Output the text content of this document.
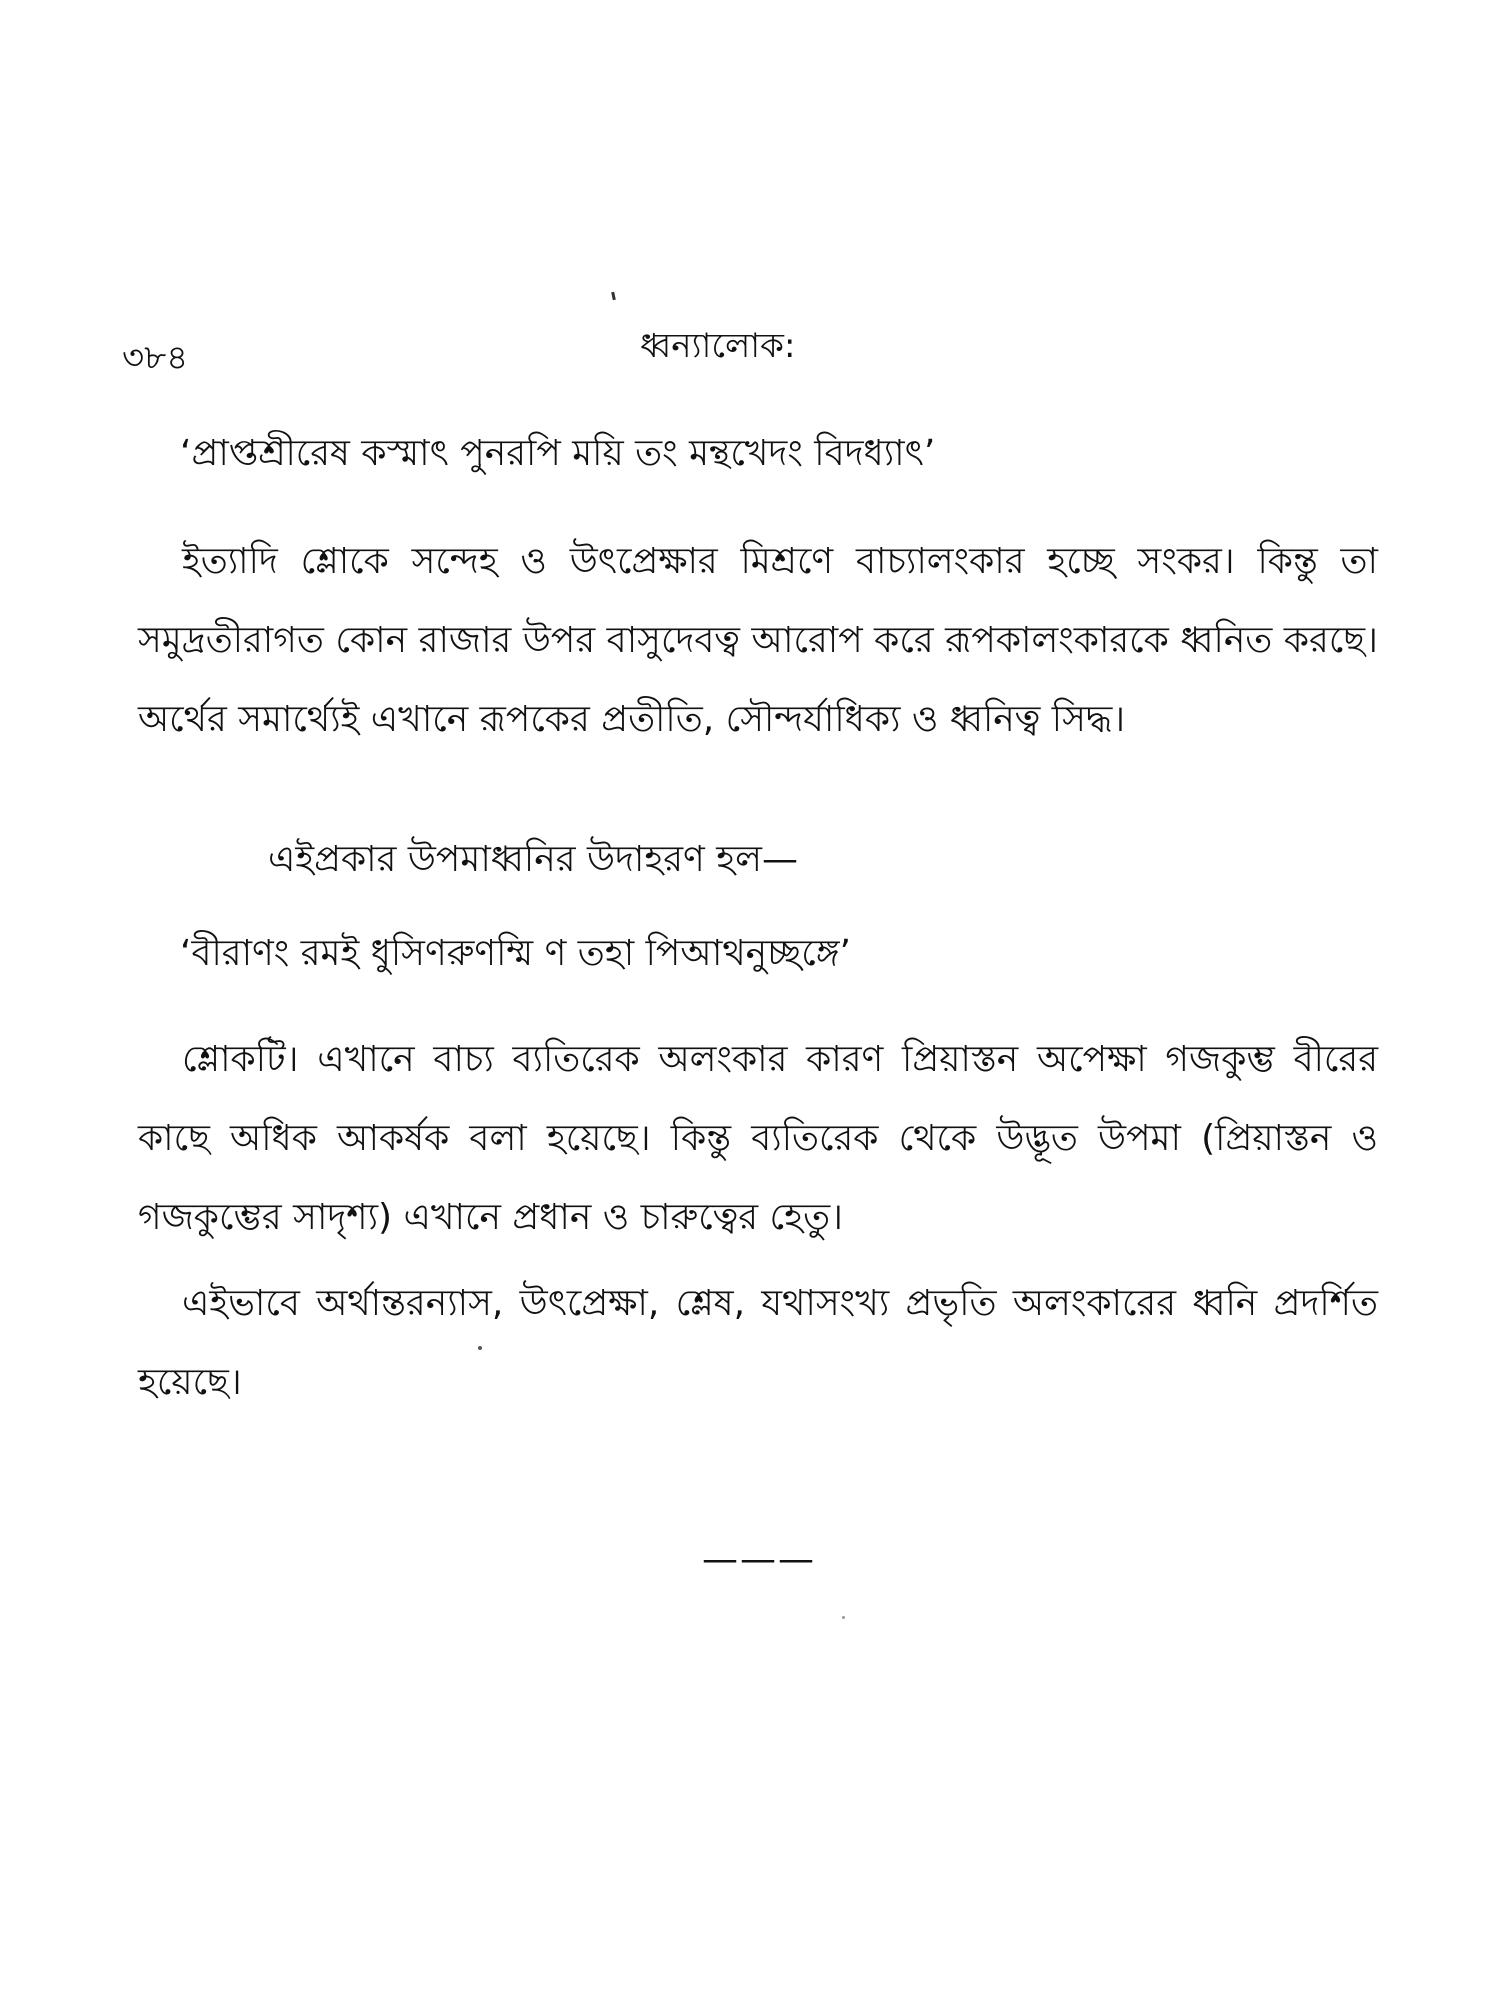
৩৮৪	ধ্বন্যালোক:
‘প্রাপ্তশ্রীরেষ কস্মাৎ পুনরপি ময়ি তং মন্থখেদং বিদধ্যাৎ’

ইত্যাদি শ্লোকে সন্দেহ ও উৎপ্রেক্ষার মিশ্রণে বাচ্যালংকার হচ্ছে সংকর। কিন্তু তা সমুদ্রতীরাগত কোন রাজার উপর বাসুদেবত্ব আরোপ করে রূপকালংকারকে ধ্বনিত করছে। অর্থের সমার্থ্যেই এখানে রূপকের প্রতীতি, সৌন্দর্যাধিক্য ও ধ্বনিত্ব সিদ্ধ।

এইপ্রকার উপমাধ্বনির উদাহরণ হল—
‘বীরাণং রমই ধুসিণরুণম্মি ণ তহা পিআথনুচ্ছঙ্গে’

শ্লোকটি। এখানে বাচ্য ব্যতিরেক অলংকার কারণ প্রিয়াস্তন অপেক্ষা গজকুম্ভ বীরের কাছে অধিক আকর্ষক বলা হয়েছে। কিন্তু ব্যতিরেক থেকে উদ্ভূত উপমা (প্রিয়াস্তন ও গজকুম্ভের সাদৃশ্য) এখানে প্রধান ও চারুত্বের হেতু।

এইভাবে অর্থান্তরন্যাস, উৎপ্রেক্ষা, শ্লেষ, যথাসংখ্য প্রভৃতি অলংকারের ধ্বনি প্রদর্শিত হয়েছে।

———
